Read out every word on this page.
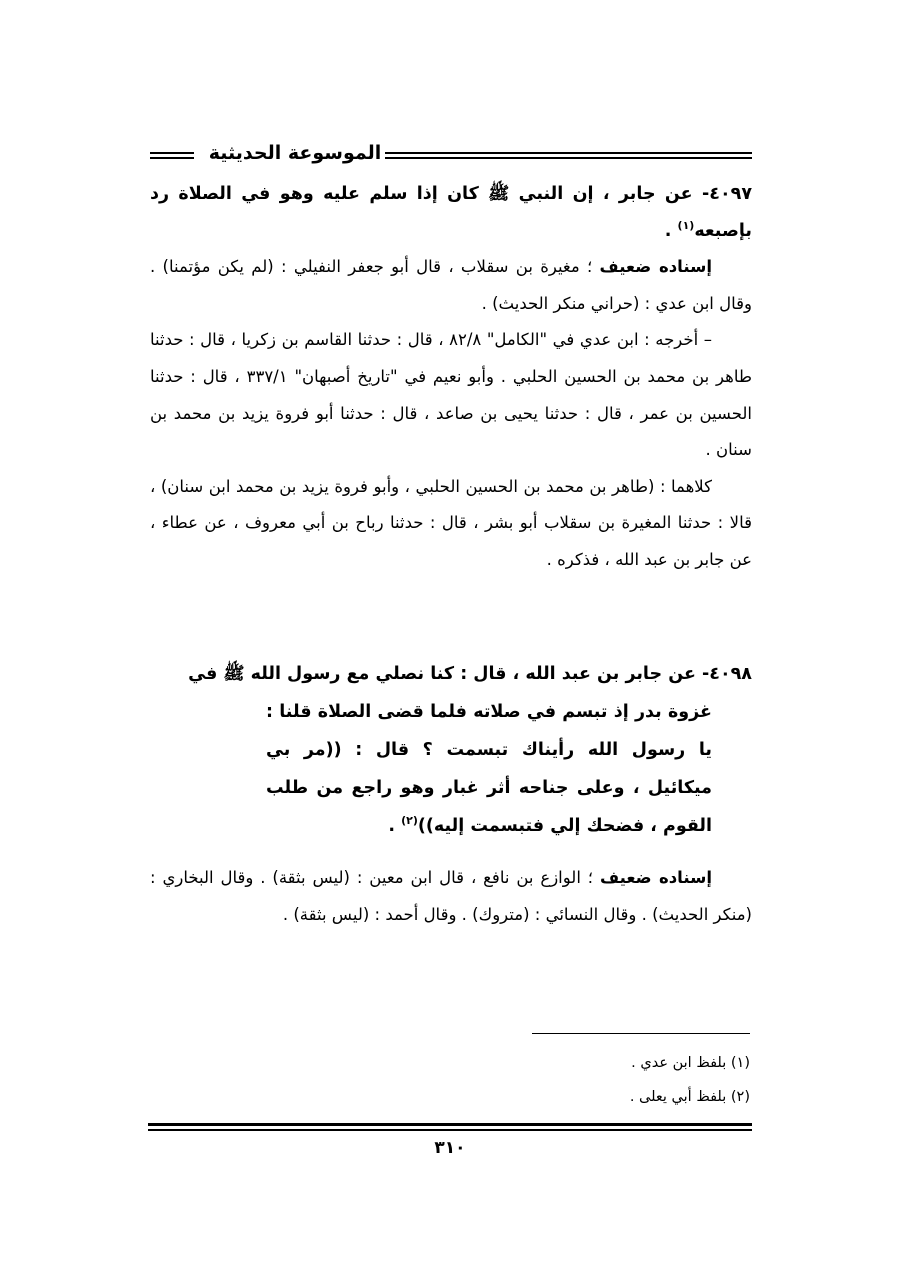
الموسوعة الحديثية

٤٠٩٧- عن جابر ، إن النبي ﷺ كان إذا سلم عليه وهو في الصلاة رد بإصبعه$^{(١)}$ .

إسناده ضعيف ؛ مغيرة بن سقلاب ، قال أبو جعفر النفيلي : (لم يكن مؤتمنا) . وقال ابن عدي : (حراني منكر الحديث) .

– أخرجه : ابن عدي في "الكامل" ٨٢/٨ ، قال : حدثنا القاسم بن زكريا ، قال : حدثنا طاهر بن محمد بن الحسين الحلبي . وأبو نعيم في "تاريخ أصبهان" ٣٣٧/١ ، قال : حدثنا الحسين بن عمر ، قال : حدثنا يحيى بن صاعد ، قال : حدثنا أبو فروة يزيد بن محمد بن سنان .

كلاهما : (طاهر بن محمد بن الحسين الحلبي ، وأبو فروة يزيد بن محمد ابن سنان) ، قالا : حدثنا المغيرة بن سقلاب أبو بشر ، قال : حدثنا رباح بن أبي معروف ، عن عطاء ، عن جابر بن عبد الله ، فذكره .

٤٠٩٨- عن جابر بن عبد الله ، قال : كنا نصلي مع رسول الله ﷺ في
غزوة بدر إذ تبسم في صلاته فلما قضى الصلاة قلنا : يا رسول الله رأيناك تبسمت ؟ قال : ((مر بي ميكائيل ، وعلى جناحه أثر غبار وهو راجع من طلب القوم ، فضحك إلي فتبسمت إليه))$^{(٢)}$ .

إسناده ضعيف ؛ الوازع بن نافع ، قال ابن معين : (ليس بثقة) . وقال البخاري : (منكر الحديث) . وقال النسائي : (متروك) . وقال أحمد : (ليس بثقة) .

(١) بلفظ ابن عدي .
(٢) بلفظ أبي يعلى .
٣١٠
